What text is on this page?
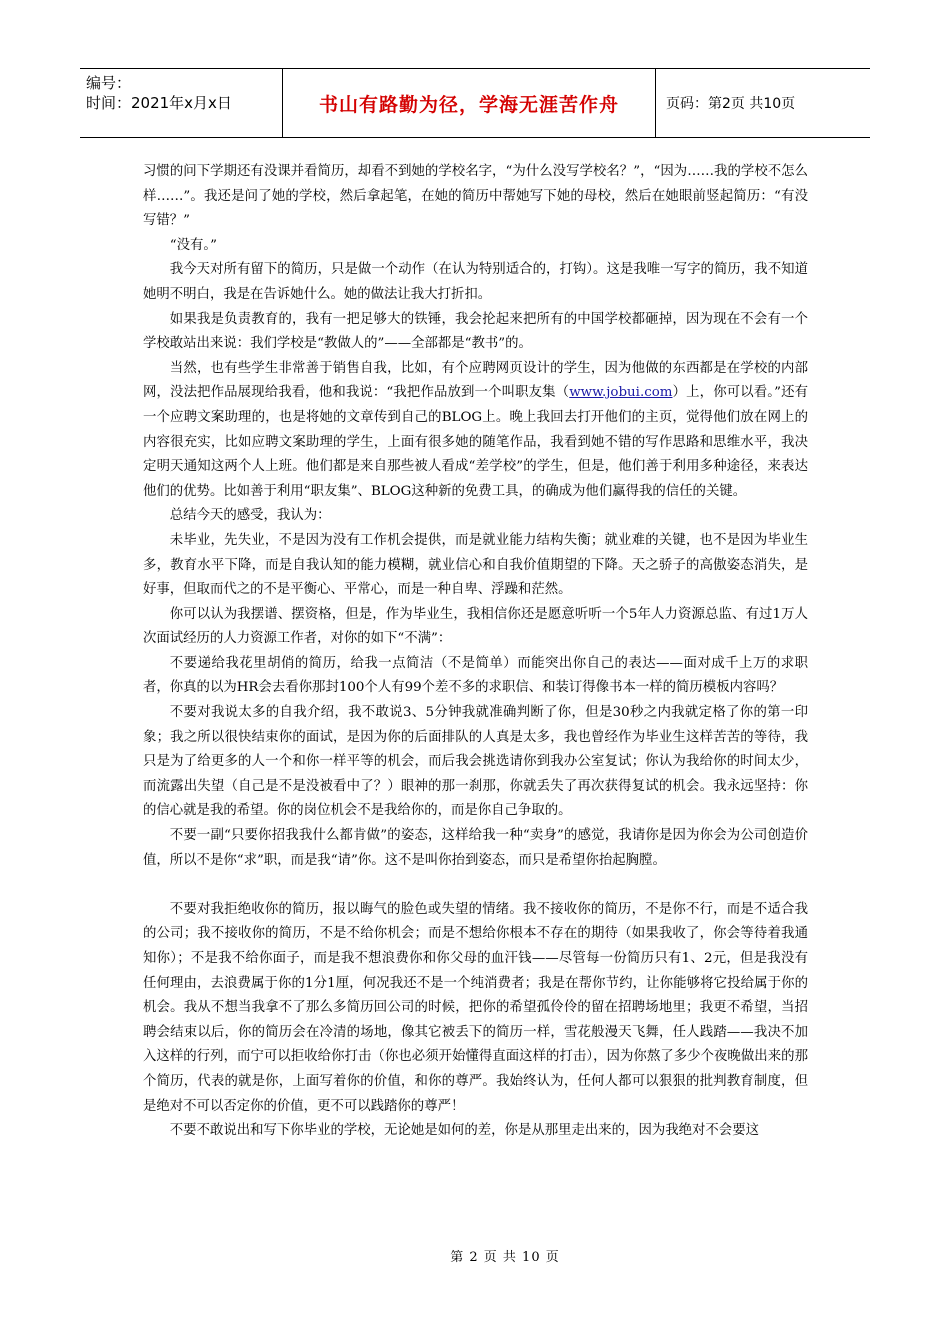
编号：
时间：2021年x月x日	书山有路勤为径，学海无涯苦作舟	页码：第2页 共10页

习惯的问下学期还有没课并看简历，却看不到她的学校名字，“为什么没写学校名？”，“因为……我的学校不怎么样……”。我还是问了她的学校，然后拿起笔，在她的简历中帮她写下她的母校，然后在她眼前竖起简历：“有没写错？”

“没有。”

我今天对所有留下的简历，只是做一个动作（在认为特别适合的，打钩）。这是我唯一写字的简历，我不知道她明不明白，我是在告诉她什么。她的做法让我大打折扣。

如果我是负责教育的，我有一把足够大的铁锤，我会抡起来把所有的中国学校都砸掉，因为现在不会有一个学校敢站出来说：我们学校是“教做人的”——全部都是“教书”的。

当然，也有些学生非常善于销售自我，比如，有个应聘网页设计的学生，因为他做的东西都是在学校的内部网，没法把作品展现给我看，他和我说：“我把作品放到一个叫职友集（www.jobui.com）上，你可以看。”还有一个应聘文案助理的，也是将她的文章传到自己的BLOG上。晚上我回去打开他们的主页，觉得他们放在网上的内容很充实，比如应聘文案助理的学生，上面有很多她的随笔作品，我看到她不错的写作思路和思维水平，我决定明天通知这两个人上班。他们都是来自那些被人看成“差学校”的学生，但是，他们善于利用多种途径，来表达他们的优势。比如善于利用“职友集”、BLOG这种新的免费工具，的确成为他们赢得我的信任的关键。

总结今天的感受，我认为：

未毕业，先失业，不是因为没有工作机会提供，而是就业能力结构失衡；就业难的关键，也不是因为毕业生多，教育水平下降，而是自我认知的能力模糊，就业信心和自我价值期望的下降。天之骄子的高傲姿态消失，是好事，但取而代之的不是平衡心、平常心，而是一种自卑、浮躁和茫然。

你可以认为我摆谱、摆资格，但是，作为毕业生，我相信你还是愿意听听一个5年人力资源总监、有过1万人次面试经历的人力资源工作者，对你的如下“不满”：

不要递给我花里胡俏的简历，给我一点简洁（不是简单）而能突出你自己的表达——面对成千上万的求职者，你真的以为HR会去看你那封100个人有99个差不多的求职信、和装订得像书本一样的简历模板内容吗？

不要对我说太多的自我介绍，我不敢说3、5分钟我就准确判断了你，但是30秒之内我就定格了你的第一印象；我之所以很快结束你的面试，是因为你的后面排队的人真是太多，我也曾经作为毕业生这样苦苦的等待，我只是为了给更多的人一个和你一样平等的机会，而后我会挑选请你到我办公室复试；你认为我给你的时间太少，而流露出失望（自己是不是没被看中了？）眼神的那一刹那，你就丢失了再次获得复试的机会。我永远坚持：你的信心就是我的希望。你的岗位机会不是我给你的，而是你自己争取的。

不要一副“只要你招我我什么都肯做”的姿态，这样给我一种“卖身”的感觉，我请你是因为你会为公司创造价值，所以不是你“求”职，而是我“请”你。这不是叫你抬到姿态，而只是希望你抬起胸膛。

不要对我拒绝收你的简历，报以晦气的脸色或失望的情绪。我不接收你的简历，不是你不行，而是不适合我的公司；我不接收你的简历，不是不给你机会；而是不想给你根本不存在的期待（如果我收了，你会等待着我通知你）；不是我不给你面子，而是我不想浪费你和你父母的血汗钱——尽管每一份简历只有1、2元，但是我没有任何理由，去浪费属于你的1分1厘，何况我还不是一个纯消费者；我是在帮你节约，让你能够将它投给属于你的机会。我从不想当我拿不了那么多简历回公司的时候，把你的希望孤伶伶的留在招聘场地里；我更不希望，当招聘会结束以后，你的简历会在冷清的场地，像其它被丢下的简历一样，雪花般漫天飞舞，任人践踏——我决不加入这样的行列，而宁可以拒收给你打击（你也必须开始懂得直面这样的打击），因为你熬了多少个夜晚做出来的那个简历，代表的就是你，上面写着你的价值，和你的尊严。我始终认为，任何人都可以狠狠的批判教育制度，但是绝对不可以否定你的价值，更不可以践踏你的尊严！

不要不敢说出和写下你毕业的学校，无论她是如何的差，你是从那里走出来的，因为我绝对不会要这

第 2 页 共 10 页
